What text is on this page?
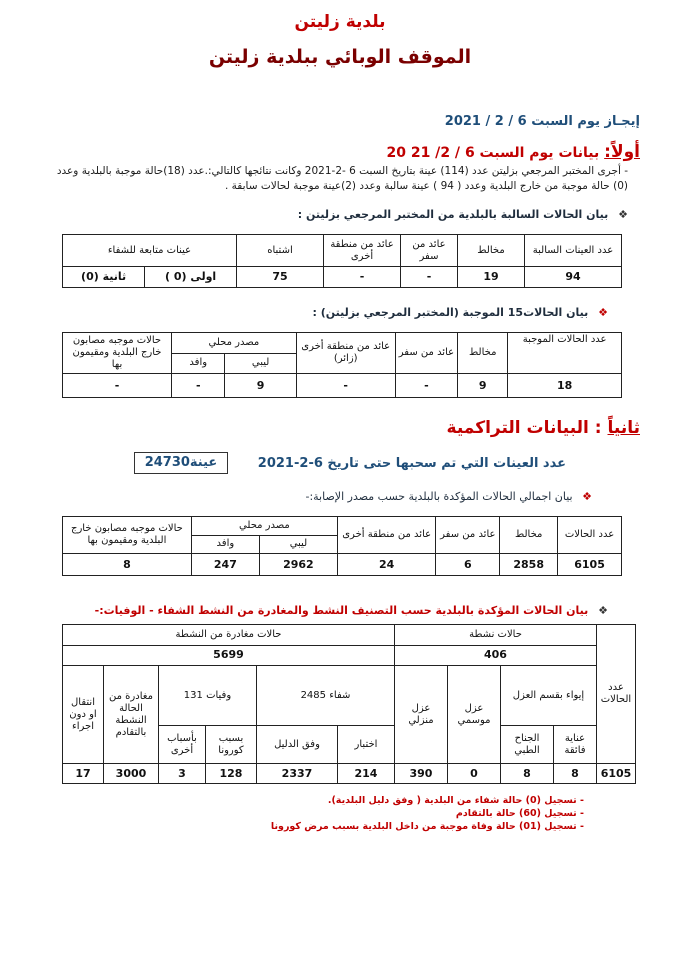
بلدية زليتن
الموقف الوبائي ببلدية زليتن
إيجـاز يوم السبت 6 / 2 / 2021
أولاً: بيانات يوم السبت 6 / 2/ 21 20
- أجرى المختبر المرجعي بزليتن عدد (114) عينة بتاريخ السبت 6 -2-2021 وكانت نتائجها كالتالي:.عدد (18)حالة موجبة بالبلدية وعدد (0) حالة موجبة من خارج البلدية وعدد ( 94 ) عينة سالبة وعدد (2)عينة موجبة لحالات سابقة .
❖ بيان الحالات السالبة بالبلدية من المختبر المرجعي بزليتن :
عدد العينات السالبة	مخالط	عائد من سفر	عائد من منطقة أخرى	اشتباه	عينات متابعة للشفاء	
94	19	-	-	75	اولى (0 )	ثانية (0)
❖ بيان الحالات15 الموجبة (المختبر المرجعي بزليتن) :
عدد الحالات الموجبة	مخالط	عائد من سفر	عائد من منطقة أخرى (زائر)	مصدر محلي		حالات موجبه مصابون خارج البلدية ومقيمون بها
				ليبي	وافد	
18	9	-	-	9	-	-
ثانياً : البيانات التراكمية
عدد العينات التي تم سحبها حتى تاريخ 6-2-2021
24730عينة
❖ بيان اجمالي الحالات المؤكدة بالبلدية حسب مصدر الإصابة:-
عدد الحالات	مخالط	عائد من سفر	عائد من منطقة أخرى	مصدر محلي		حالات موجبه مصابون خارج البلدية ومقيمون بها
				ليبي	وافد	
6105	2858	6	24	2962	247	8
❖ بيان الحالات المؤكدة بالبلدية حسب التصنيف النشط والمغادرة من النشط الشفاء - الوفيات:-
عدد الحالات	حالات نشطة				حالات مغادرة من النشطة					
	406				5699					
	إيواء بقسم العزل		عزل موسمي	عزل منزلي	شفاء 2485		وفيات 131		مغادرة من الحالة النشطة بالتقادم	انتقال او دون اجراء
	عناية فائقة	الجناح الطبي			اختبار	وفق الدليل	بسبب كورونا	بأسباب أخرى		
6105	8	8	0	390	214	2337	128	3	3000	17
- تسجيل (0) حالة شفاء من البلدية ( وفق دليل البلدية).
- تسجيل (60) حالة بالتقادم
- تسجيل (01) حالة وفاة موجبة من داخل البلدية بسبب مرض كورونا
